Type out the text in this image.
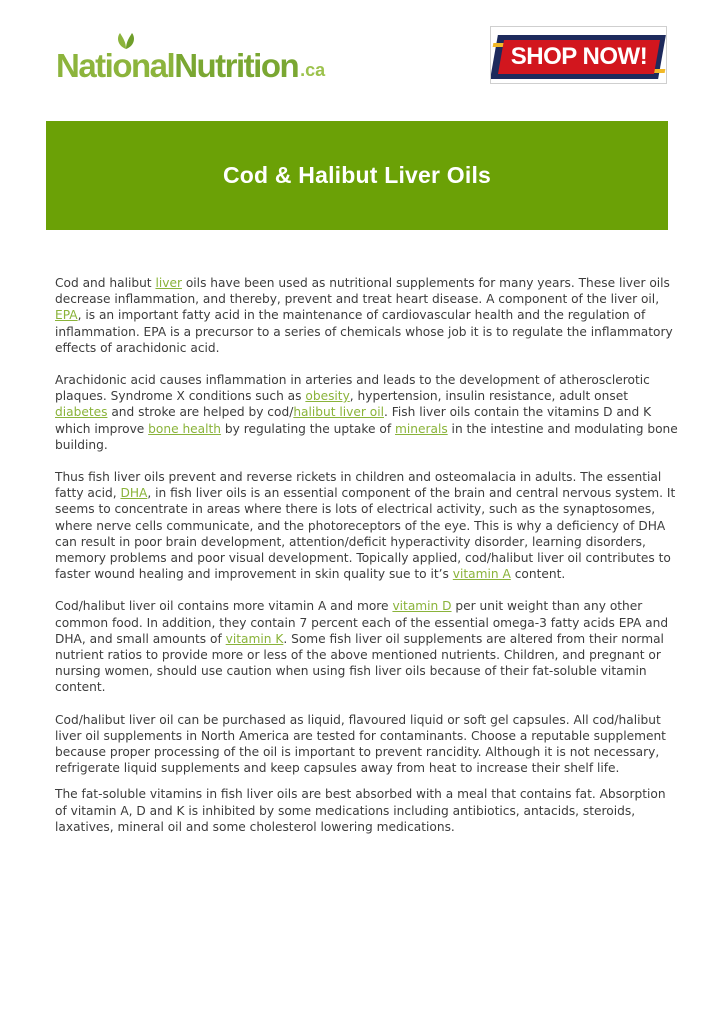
Nati onal Nutrition .ca	SHOP NOW!
Cod & Halibut Liver Oils

Cod and halibut liver oils have been used as nutritional supplements for many years. These liver oils decrease inflammation, and thereby, prevent and treat heart disease. A component of the liver oil, EPA, is an important fatty acid in the maintenance of cardiovascular health and the regulation of inflammation. EPA is a precursor to a series of chemicals whose job it is to regulate the inflammatory effects of arachidonic acid.

Arachidonic acid causes inflammation in arteries and leads to the development of atherosclerotic plaques. Syndrome X conditions such as obesity, hypertension, insulin resistance, adult onset diabetes and stroke are helped by cod/halibut liver oil. Fish liver oils contain the vitamins D and K which improve bone health by regulating the uptake of minerals in the intestine and modulating bone building.

Thus fish liver oils prevent and reverse rickets in children and osteomalacia in adults. The essential fatty acid, DHA, in fish liver oils is an essential component of the brain and central nervous system. It seems to concentrate in areas where there is lots of electrical activity, such as the synaptosomes, where nerve cells communicate, and the photoreceptors of the eye. This is why a deficiency of DHA can result in poor brain development, attention/deficit hyperactivity disorder, learning disorders, memory problems and poor visual development. Topically applied, cod/halibut liver oil contributes to faster wound healing and improvement in skin quality sue to it’s vitamin A content.

Cod/halibut liver oil contains more vitamin A and more vitamin D per unit weight than any other common food. In addition, they contain 7 percent each of the essential omega-3 fatty acids EPA and DHA, and small amounts of vitamin K. Some fish liver oil supplements are altered from their normal nutrient ratios to provide more or less of the above mentioned nutrients. Children, and pregnant or nursing women, should use caution when using fish liver oils because of their fat-soluble vitamin content.

Cod/halibut liver oil can be purchased as liquid, flavoured liquid or soft gel capsules. All cod/halibut liver oil supplements in North America are tested for contaminants. Choose a reputable supplement because proper processing of the oil is important to prevent rancidity. Although it is not necessary, refrigerate liquid supplements and keep capsules away from heat to increase their shelf life.

The fat-soluble vitamins in fish liver oils are best absorbed with a meal that contains fat. Absorption of vitamin A, D and K is inhibited by some medications including antibiotics, antacids, steroids, laxatives, mineral oil and some cholesterol lowering medications.
